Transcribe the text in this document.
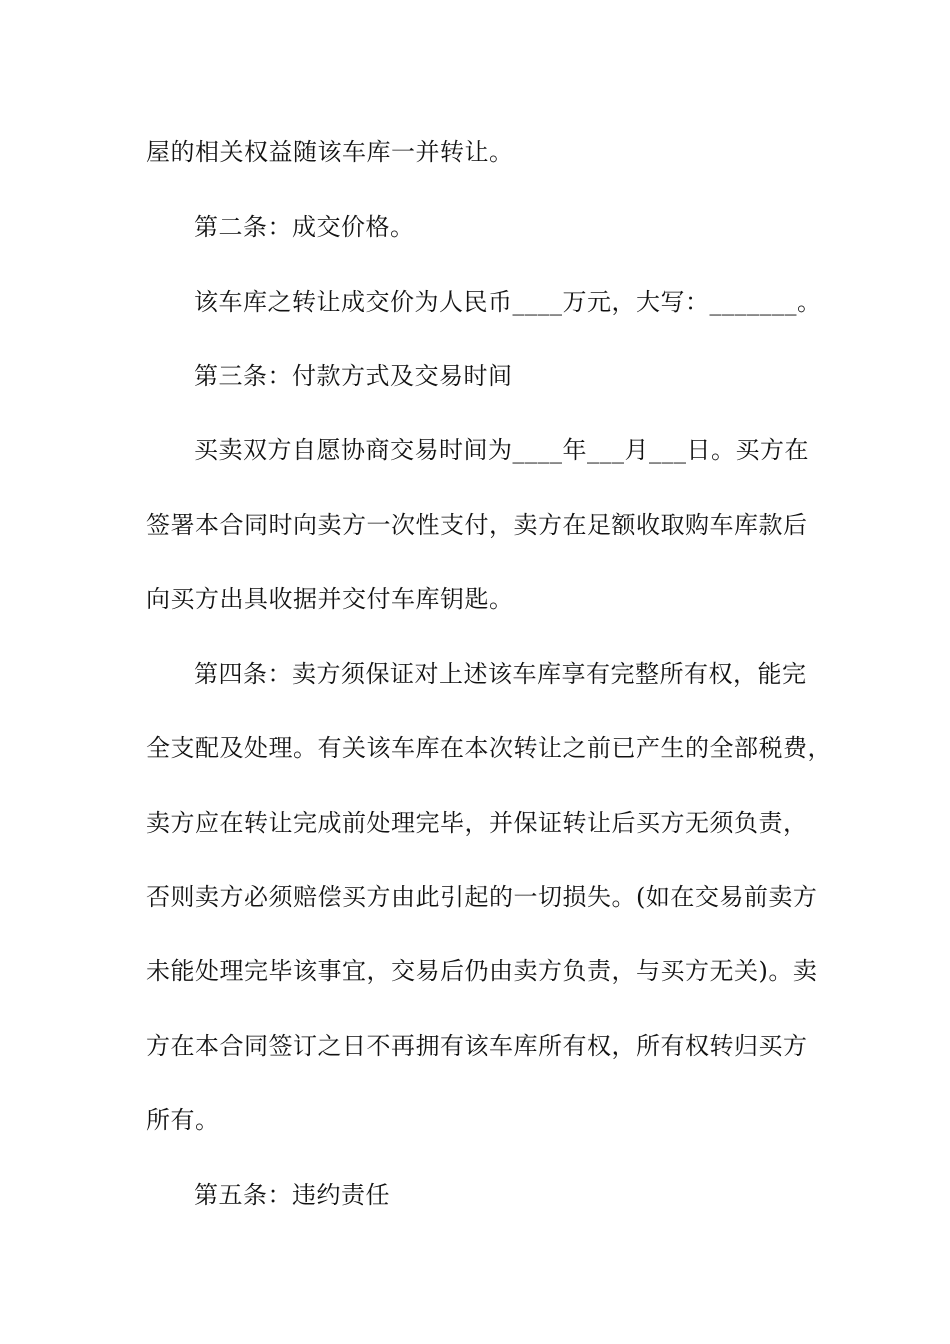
屋的相关权益随该车库一并转让。
第二条：成交价格。
该车库之转让成交价为人民币____万元，大写：_______。
第三条：付款方式及交易时间
买卖双方自愿协商交易时间为____年___月___日。买方在
签署本合同时向卖方一次性支付，卖方在足额收取购车库款后
向买方出具收据并交付车库钥匙。
第四条：卖方须保证对上述该车库享有完整所有权，能完
全支配及处理。有关该车库在本次转让之前已产生的全部税费，
卖方应在转让完成前处理完毕，并保证转让后买方无须负责，
否则卖方必须赔偿买方由此引起的一切损失。(如在交易前卖方
未能处理完毕该事宜，交易后仍由卖方负责，与买方无关)。卖
方在本合同签订之日不再拥有该车库所有权，所有权转归买方
所有。
第五条：违约责任
